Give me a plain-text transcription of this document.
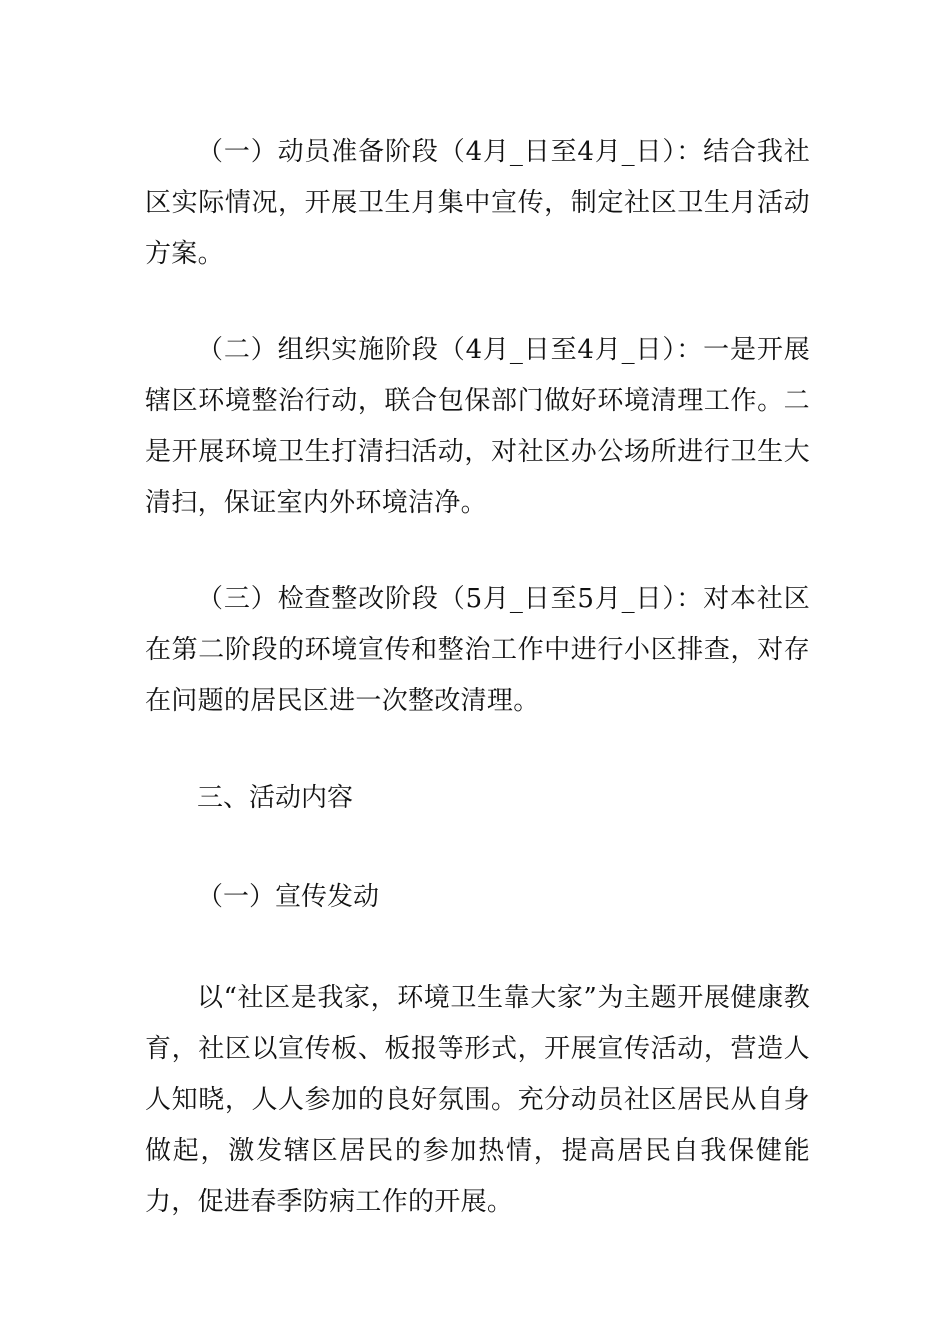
（一）动员准备阶段（4月_日至4月_日）：结合我社区实际情况，开展卫生月集中宣传，制定社区卫生月活动方案。

（二）组织实施阶段（4月_日至4月_日）：一是开展辖区环境整治行动，联合包保部门做好环境清理工作。二是开展环境卫生打清扫活动，对社区办公场所进行卫生大清扫，保证室内外环境洁净。

（三）检查整改阶段（5月_日至5月_日）：对本社区在第二阶段的环境宣传和整治工作中进行小区排查，对存在问题的居民区进一次整改清理。

三、活动内容

（一）宣传发动

以“社区是我家，环境卫生靠大家”为主题开展健康教育，社区以宣传板、板报等形式，开展宣传活动，营造人人知晓，人人参加的良好氛围。充分动员社区居民从自身做起，激发辖区居民的参加热情，提高居民自我保健能力，促进春季防病工作的开展。
